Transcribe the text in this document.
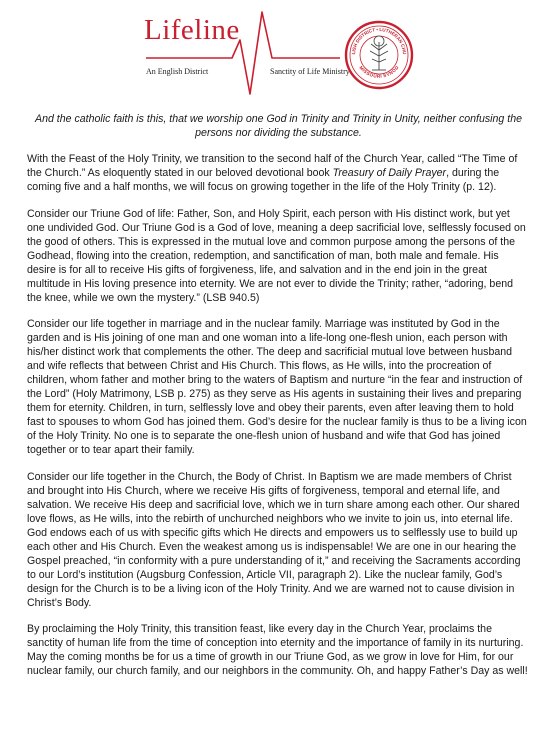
Lifeline
An English District	Sanctity of Life Ministry
LISH DISTRICT • LUTHERAN CHU
MISSOURI SYNOD

And the catholic faith is this, that we worship one God in Trinity and Trinity in Unity, neither confusing the persons nor dividing the substance.

With the Feast of the Holy Trinity, we transition to the second half of the Church Year, called “The Time of the Church.” As eloquently stated in our beloved devotional book Treasury of Daily Prayer, during the coming five and a half months, we will focus on growing together in the life of the Holy Trinity (p. 12).

Consider our Triune God of life: Father, Son, and Holy Spirit, each person with His distinct work, but yet one undivided God. Our Triune God is a God of love, meaning a deep sacrificial love, selflessly focused on the good of others. This is expressed in the mutual love and common purpose among the persons of the Godhead, flowing into the creation, redemption, and sanctification of man, both male and female. His desire is for all to receive His gifts of forgiveness, life, and salvation and in the end join in the great multitude in His loving presence into eternity. We are not ever to divide the Trinity; rather, “adoring, bend the knee, while we own the mystery.” (LSB 940.5)

Consider our life together in marriage and in the nuclear family. Marriage was instituted by God in the garden and is His joining of one man and one woman into a life-long one-flesh union, each person with his/her distinct work that complements the other. The deep and sacrificial mutual love between husband and wife reflects that between Christ and His Church. This flows, as He wills, into the procreation of children, whom father and mother bring to the waters of Baptism and nurture “in the fear and instruction of the Lord” (Holy Matrimony, LSB p. 275) as they serve as His agents in sustaining their lives and preparing them for eternity. Children, in turn, selflessly love and obey their parents, even after leaving them to hold fast to spouses to whom God has joined them. God’s desire for the nuclear family is thus to be a living icon of the Holy Trinity. No one is to separate the one-flesh union of husband and wife that God has joined together or to tear apart their family.

Consider our life together in the Church, the Body of Christ. In Baptism we are made members of Christ and brought into His Church, where we receive His gifts of forgiveness, temporal and eternal life, and salvation. We receive His deep and sacrificial love, which we in turn share among each other. Our shared love flows, as He wills, into the rebirth of unchurched neighbors who we invite to join us, into eternal life. God endows each of us with specific gifts which He directs and empowers us to selflessly use to build up each other and His Church. Even the weakest among us is indispensable! We are one in our hearing the Gospel preached, “in conformity with a pure understanding of it,” and receiving the Sacraments according to our Lord’s institution (Augsburg Confession, Article VII, paragraph 2). Like the nuclear family, God’s design for the Church is to be a living icon of the Holy Trinity. And we are warned not to cause division in Christ’s Body.

By proclaiming the Holy Trinity, this transition feast, like every day in the Church Year, proclaims the sanctity of human life from the time of conception into eternity and the importance of family in its nurturing. May the coming months be for us a time of growth in our Triune God, as we grow in love for Him, for our nuclear family, our church family, and our neighbors in the community. Oh, and happy Father’s Day as well!
